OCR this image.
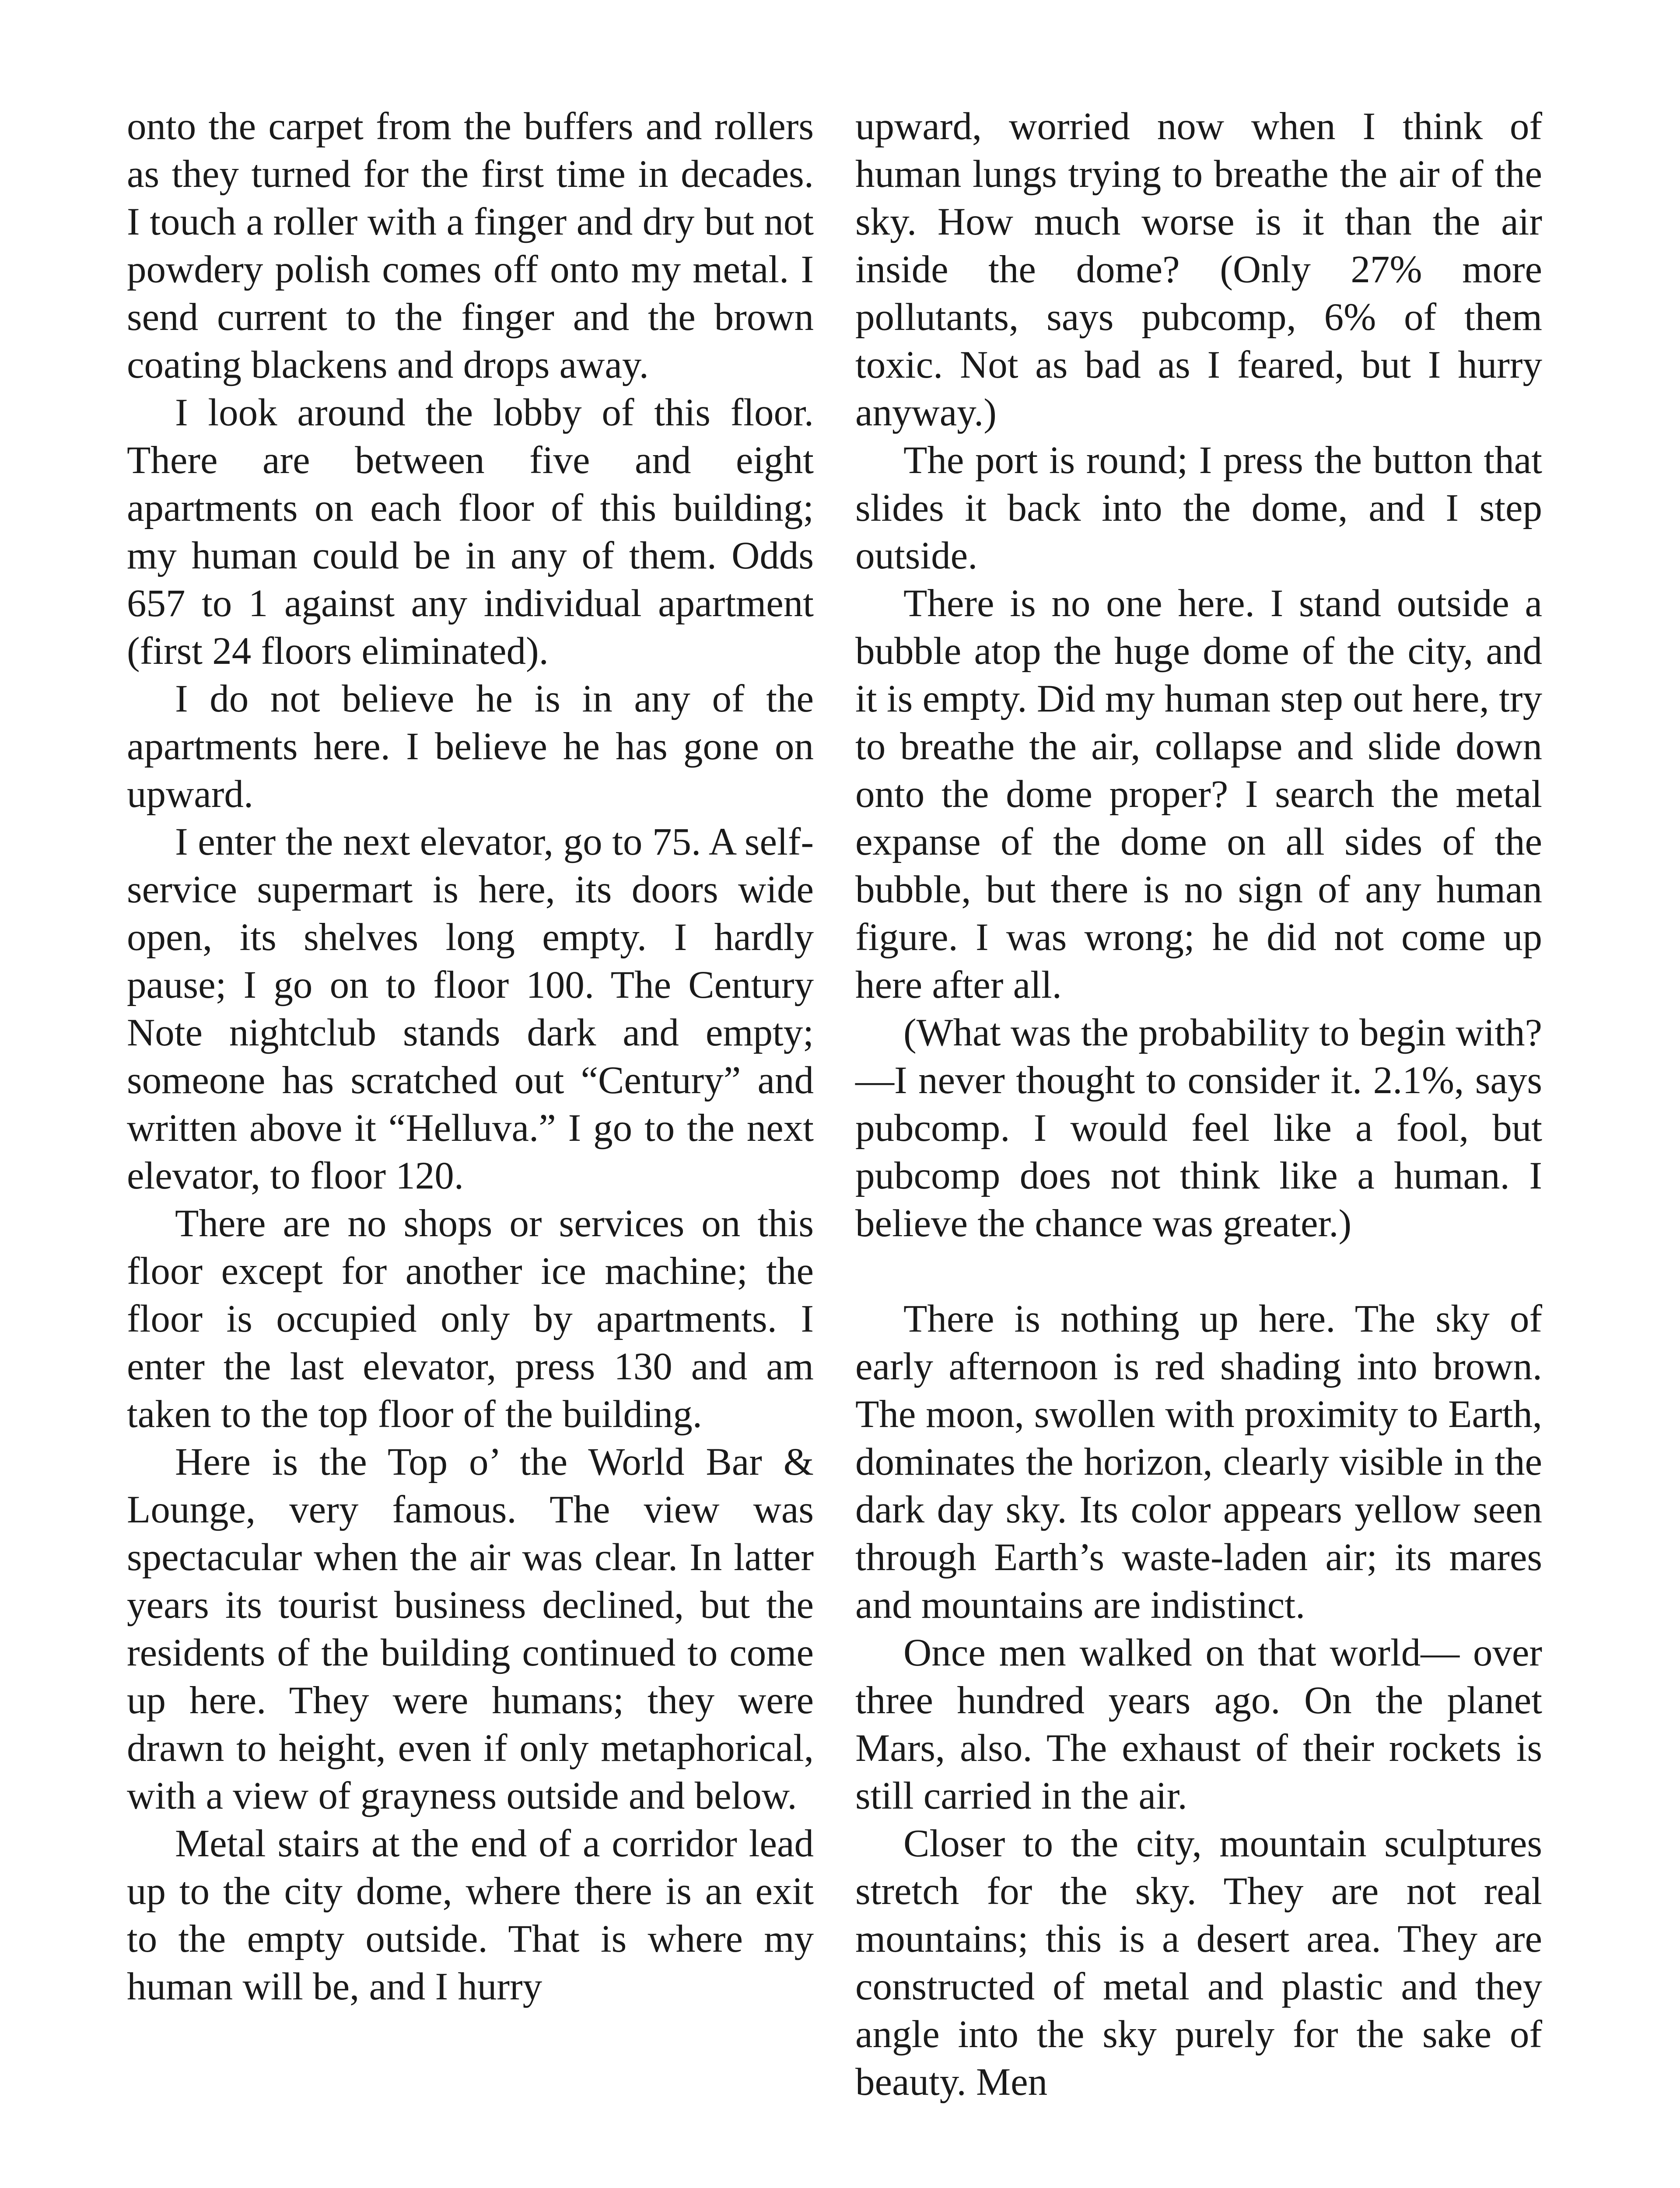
onto the carpet from the buffers and rollers as they turned for the first time in decades. I touch a roller with a finger and dry but not powdery polish comes off onto my metal. I send current to the finger and the brown coating blackens and drops away.

I look around the lobby of this floor. There are between five and eight apartments on each floor of this building; my human could be in any of them. Odds 657 to 1 against any individual apartment (first 24 floors eliminated).

I do not believe he is in any of the apartments here. I believe he has gone on upward.

I enter the next elevator, go to 75. A self-service supermart is here, its doors wide open, its shelves long empty. I hardly pause; I go on to floor 100. The Century Note nightclub stands dark and empty; someone has scratched out “Century” and written above it “Helluva.” I go to the next elevator, to floor 120.

There are no shops or services on this floor except for another ice machine; the floor is occupied only by apartments. I enter the last elevator, press 130 and am taken to the top floor of the building.

Here is the Top o’ the World Bar & Lounge, very famous. The view was spectacular when the air was clear. In latter years its tourist business declined, but the residents of the building continued to come up here. They were humans; they were drawn to height, even if only metaphorical, with a view of grayness outside and below.

Metal stairs at the end of a corridor lead up to the city dome, where there is an exit to the empty outside. That is where my human will be, and I hurry

upward, worried now when I think of human lungs trying to breathe the air of the sky. How much worse is it than the air inside the dome? (Only 27% more pollutants, says pubcomp, 6% of them toxic. Not as bad as I feared, but I hurry anyway.)

The port is round; I press the button that slides it back into the dome, and I step outside.

There is no one here. I stand outside a bubble atop the huge dome of the city, and it is empty. Did my human step out here, try to breathe the air, collapse and slide down onto the dome proper? I search the metal expanse of the dome on all sides of the bubble, but there is no sign of any human figure. I was wrong; he did not come up here after all.

(What was the probability to begin with?—I never thought to consider it. 2.1%, says pubcomp. I would feel like a fool, but pubcomp does not think like a human. I believe the chance was greater.)

There is nothing up here. The sky of early afternoon is red shading into brown. The moon, swollen with proximity to Earth, dominates the horizon, clearly visible in the dark day sky. Its color appears yellow seen through Earth’s waste-laden air; its mares and mountains are indistinct.

Once men walked on that world— over three hundred years ago. On the planet Mars, also. The exhaust of their rockets is still carried in the air.

Closer to the city, mountain sculptures stretch for the sky. They are not real mountains; this is a desert area. They are constructed of metal and plastic and they angle into the sky purely for the sake of beauty. Men
